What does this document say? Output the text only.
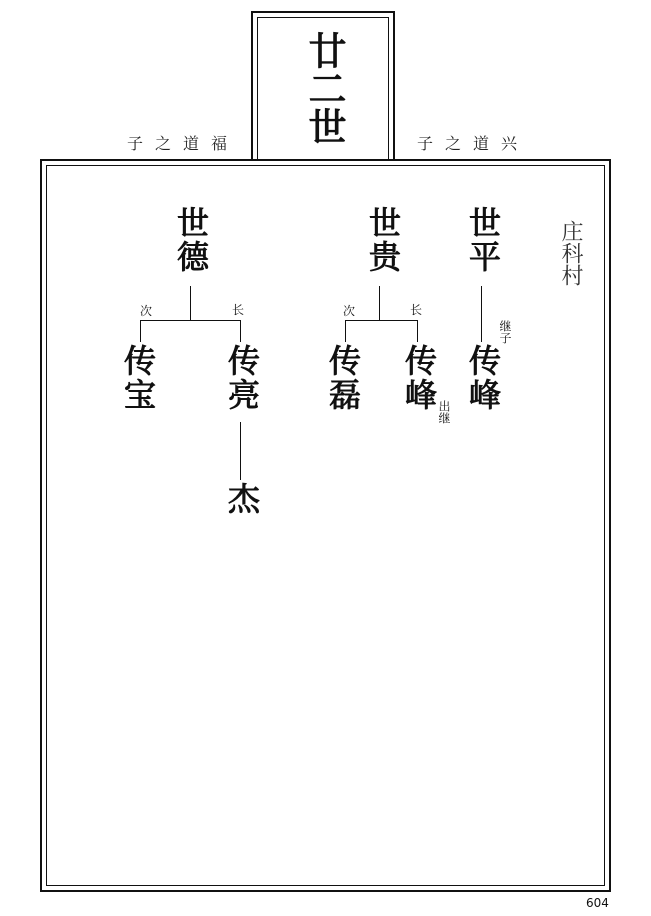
廿二世
子之道福	子之道兴
庄科村
世德
次	长
传宝 传亮
杰
世贵
次	长
传磊 传峰 出继
世平
继子
传峰
604
